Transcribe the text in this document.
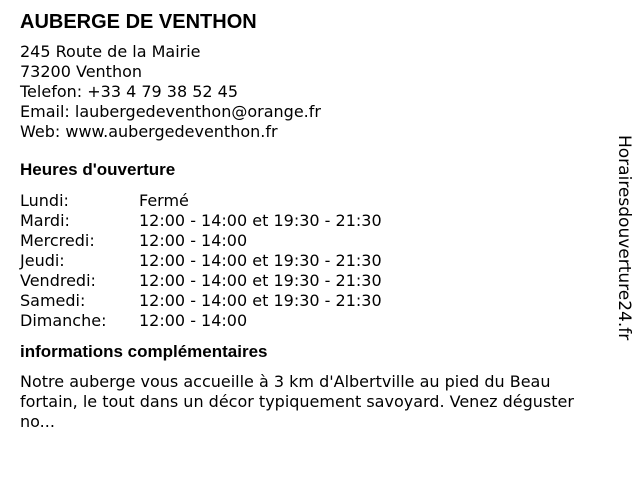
AUBERGE DE VENTHON
245 Route de la Mairie
73200 Venthon
Telefon: +33 4 79 38 52 45
Email: laubergedeventhon@orange.fr
Web: www.aubergedeventhon.fr
Heures d'ouverture
Lundi:	Fermé
Mardi:	12:00 - 14:00 et 19:30 - 21:30
Mercredi:	12:00 - 14:00
Jeudi:	12:00 - 14:00 et 19:30 - 21:30
Vendredi:	12:00 - 14:00 et 19:30 - 21:30
Samedi:	12:00 - 14:00 et 19:30 - 21:30
Dimanche:	12:00 - 14:00
informations complémentaires
Notre auberge vous accueille à 3 km d'Albertville au pied du Beau fortain, le tout dans un décor typiquement savoyard. Venez déguster no...
Horairesdouverture24.fr
